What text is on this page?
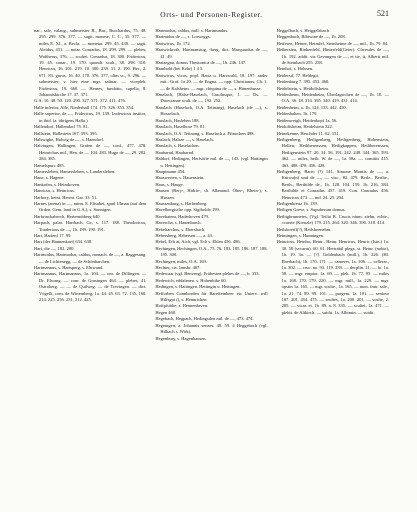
Orts- und Personen-Register.	521

nar., sale, valaug., submeister B., Bur., Burchardus, 75. 48. 295. 299. 376. 377. — sagit. monete, C. C., 35. 377. — miles E. XI., a. Becla. — monetar. 299. 45. 430. — sagit. Aleidus, 431. — notar. Conradus, 18. 299. 299. — plebes, Waltherus, 376. — scultet. Conradus, 18. 300. Fridericus, 19. 45. conar., 19. 170. quondi. scult., 38. 298. 310. Henricus, 16. 201. 219. 18. 300. 239. 31. 2. 190. Her., 2. 671. 83. gurus, 16. 40. 170. 376. 377, olim sc., 9. 296. — submeister, v. hier eine mgr. salinar. — vicepleb. Fridericus, 19. 660. — Hernes, fundatio, capella, 8. Johanniskirche 17. 37. 371.

G.A. 10. 48. 50. 120. 290. 327. 371. 372. 411. 476.

Halle inferior, Alle, Niederhall 174. 175. 326. 353. 354.

Halle superior, de —, Fridericus, 19. 139. Ludewicus institor, in ibid. (a. übrigens Halla.)

Hallendorf, Hallendorf 75. 81.

Hallstein, Hallestein 167. 393. 395.

Halswigke, Halwig de —, s. Haendorf.

Halvingen, Hallingen, Grafen de —, conf., 477. 478. Heinrichus mil., Hen. de — 104. 283. Hugo de —, 29. 282. 284. 385.

Hamelspurc 485.

Hamersleben, Hamersleben, s. Landersleben.

Hane, s. Hagene.

Hankofen, s. Heimkoven.

Hanricus, s. Heinricus.

Harbory, heint. Herrnt. Gar. 33. 51.

Harnes (arena) in —, minn. 8. Elisabet, spud Ulman (auf dem Orden. Gem. land in G.A.), s. Sonnigen.

Harbrinckaberch, Hertermbberg 640.

Harpach, palat. Harrbach. Gr., s. 117. 188. Theodoricus, Tonderious de —, 1b. 189. 190. 191.

Hart, Hartenf 17. 99.

Hart (der Hannenkort) 634. 638.

Hart, die —, 182. 200.

Hartmodus, Hartmodus, caldus, monach. de —, a. Raggesang. — de Lichtenegg. — de Schönbarchen.

Hartmannus, s. Hartsperg, s. Ehrwand.

Hartmannus, Hartmannus, 1a. 104. — om. de Dillingen. — Dr. Elwang. — conr. de Grasingen 464. — plebes, 41. Ostroberg. — — de Quilweg. — de Trevingen. — dict. Vögelli, com. de Wirtemberg, 1a. 44. 45. 63. 72. 135. 160. 214. 225. 256. 231, 312. 425.

Hartmodus, caldus, mill. s. Hartmundus.

Hartmidus de —, s. Lorweggs.

Hartwicus, 1b. 172.

Hartwickroth, Hartmanstug, -berg, dict. Marquardus de —, 41. 49.

Hartzegna, domus Theutonica de —, 1b. 246. 147.

Harnhold (bei Kehr) 1 4 5.

Hartwicus, vicus, popl. Hartz u. Harzwald, 18. 197. ander mit.: Graf. 1a 20. — de Engna. — opp. Christianus, Ch. 1. — de Kalsheim. — mgr. chiquina de —, s. Hünenhusse.

Haselach, [Hälse-Haselach, Casolusque, 1. — Ds. — Dioecianae scult. de —, 192. 252.

Hasslach (Haselach, O.A. Tettnang), Haselach (de —), s. Hosselach.

Hasslach, Hasleben 188.

Hasslach, Haselbore 79. 81.

Hasslach, O.A. Tettnang, s. Haselach a. Pfinochen 488.

Haslach, Halsee —, s. Haselach.

Hasslach, s. Haselachen.

Haubarnd, Haubarnd.

Haldorf, Hedingen, Herfsöfte mil. de —, 143. (vgl. Hattingin u. Hettingen).

Hauptmann 454.

Hauswerien, s. Hauenstein.

Haus, s. Hauge.

Hausen (Bery-, Hidrie-, th. Albmond. Öber-, Rhein-), s. Hussen.

Haussenburg, s. Harbenberg.

Havelbergische opp. Sigiboldo 199.

Havekatem, Haderhoven 479.

Havercha, s. Hauenbarch.

Hebeltarchus, s. Ebersbach.

Hebersberg, Hebersen —, a. 43.

Hebel, Erb at, Aich, vgl. Ech s. Ehlen 456. 486.

Hechingen, Hechingen, O.A., 75. 76. 183. 185. 186. 187. 188. 195. 300.

Hechingen, miles, O.A. 169.

Hechter, civ. Innsbr. 407.

Hedewaar (vgl. Benveeg), Frühesten plebes de —, b. 333.

Hedewich, eddaleneu. s. Hohenhike 60.

Hedingen, s. Hattingen. Hettingin u. Hettingen.

Hefforben Connborden für Barefteinheer etc Unterv. will Hilfsgut (), s. Hennrichen.

Hoftpfuhlte, s. Hennenbrven.

Hegen 460.

Hegebach, Hegpach, Hedingsdeu mil. de —, 473. 474.

Hegemgen, a. Johannis senzes. 40. 59. 4 Heggebach (vgl. Hilkach s. Wirk).

Hegenbury, s. Hagenhausen.

Heggelbach, s. Heiggelsbach.

Heggenbach, Bibiwine de —, 1b. 208.

Heiferen, Heiner, Heimfef, Steinheime de —, mil., 1b. 79. 84.

Heibersten, Rinkenfeld, Hinterfeld(Geier). Cūvesdes de —, 1b. 192. addit. viz Gevungen de —, et tie, it, Alberti mil. de Steinbach 255. 258.

Heinhof, s. Hohnen.

Heiderstf, 77. Heldegit.

Heidenburg 7. 395. 453. 460.

Heidelstein, s. Heidolfsheim.

Heidenheim, Heidenheim, Überlagsichen de —, 1b. 10. — O.A. 36. 18. 314. 395. 340. 419. 431. 414.

Heidenheim, a. 1b. 124. 133. 442. 450.

Heldenhalten, 1b. 179.

Heidenweigh, Heidenkopf 1a. 56.

Heidolfsheim, Heidelstein 322.

Heinekenne, Heschder 11. 62. 151.

Heiligenberg, Heiligenberg, Heiligenberg, Hohenstein, Hollen; Heiliberenssen, Heiligkappen, Heiliberenssen, Heiligenstein 97. 20. 34. 56. 191. 242. 248. 344. 365. 393. 462. — miles, heili. W. de —, 1a. 58a. — comitiis 415. 463. 488. 478. 456. 428.

Heiligenberg, Barro (?) 141, Simone Montis de —, a. Kürwa(n) und de —, — visc., 82. 479. Berle., Berthe., Berth., Berthilde de., 1b. 128. 104. 159. 1b. 216. 384. Berthilde et Conradus 457. 419. Con. Conradus 456. Heinricus 473. — ind. 24. 25. 204.

Heiligenkreuz 1b. 139.

Heiligen Greve, s. Supuberum domus.

Heilitgbrunnetes, (Vgl. Teilia B. Crucis nium. ziehn, ecbte., ccuerte (Kreuzle) 179. 215. 264. 320. 346. 390. 318. 414.

Heilsboerff(?), Heilsboenehm.

Heimingen, s. Hunningen.

Heinricus, Heinbo, Heinr., Heinr. Henricus, Henric (Isin.) 1a. 30. 58 (svcarm). 60. 61. Hertrabil plega, st. Heinr. (nobis), 1b. 19. 3a. — [?]. Goldenbach (mill.), 1b. 226. (Hl. Eberbach), 1b. 170. 171. — camerer, 1a. 106. — cellerar., 1a. 302. — cruc. no. 93. 119. 239. — decplin. 21. — fo. 1a. 58. — mgr. emptor. 1a. 69. — pleb. 1b. 77. 95. — miles 1a. 168. 170. 179. 220. — mgr. mill., 1a. 229. — mgr. opstin 1a. 165. — mgr. sculte., 1a. 165. — mon. fratr. sale., 1a. 21. 74. 89. 99. 101. — purgem. 1a. 181. — seniour 187. 201. 454. 475. — seulies, 1a. 200. 201. — sculte, 2. 285. — vicar. et. 1b. 89. a. 8. 335. — scultet, 1a. 471. — plebit. de Altkirch. — suidit. 1a. Albimin. — suidit.
